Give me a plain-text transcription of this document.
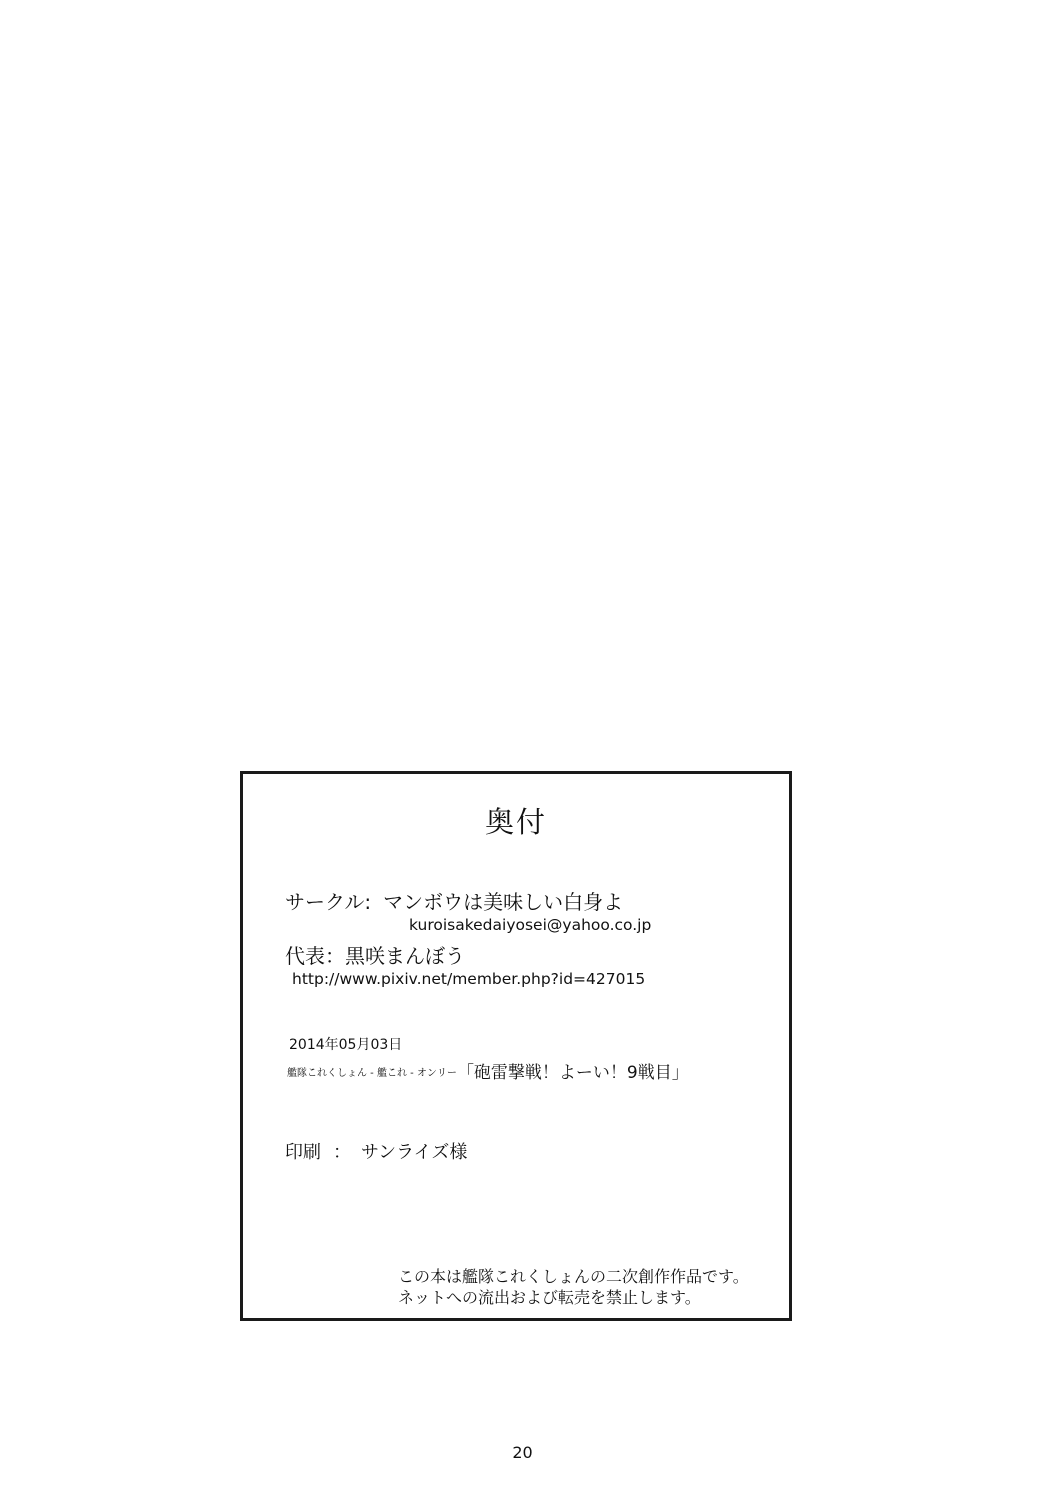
奥付
サークル: マンボウは美味しい白身よ
kuroisakedaiyosei@yahoo.co.jp
代表：黒咲まんぼう
http://www.pixiv.net/member.php?id=427015
2014年05月03日
艦隊これくしょん - 艦これ - オンリー「砲雷撃戦！よーい！9戦目」
印刷 ： サンライズ様
この本は艦隊これくしょんの二次創作作品です。
ネットへの流出および転売を禁止します。
20
